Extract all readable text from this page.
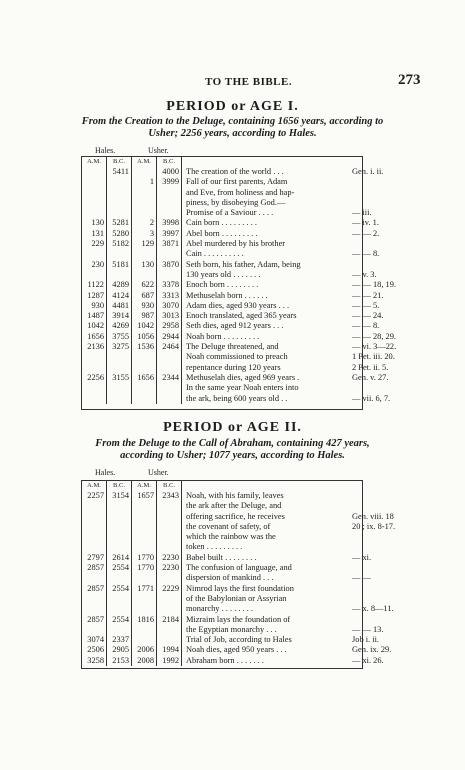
TO THE BIBLE.	273
PERIOD or AGE I.
From the Creation to the Deluge, containing 1656 years, according to
Usher; 2256 years, according to Hales.
Hales.	Usher.
A.M.	B.C.	A.M.	B.C.		
	5411		4000	The creation of the world . . .	Gen. i. ii.
		1	3999	Fall of our first parents, Adam	
				and Eve, from holiness and hap-	
				piness, by disobeying God.—	
				Promise of a Saviour . . . .	— iii.
130	5281	2	3998	Cain born . . . . . . . . .	— iv. 1.
131	5280	3	3997	Abel born . . . . . . . . .	— — 2.
229	5182	129	3871	Abel murdered by his brother	
				Cain . . . . . . . . . .	— — 8.
230	5181	130	3870	Seth born, his father, Adam, being	
				130 years old . . . . . . .	— v. 3.
1122	4289	622	3378	Enoch born . . . . . . . .	— — 18, 19.
1287	4124	687	3313	Methuselah born . . . . . .	— — 21.
930	4481	930	3070	Adam dies, aged 930 years . . .	— — 5.
1487	3914	987	3013	Enoch translated, aged 365 years	— — 24.
1042	4269	1042	2958	Seth dies, aged 912 years . . .	— — 8.
1656	3755	1056	2944	Noah born . . . . . . . . .	— — 28, 29.
2136	3275	1536	2464	The Deluge threatened, and	— vi. 3—22.
				Noah commissioned to preach	1 Pet. iii. 20.
				repentance during 120 years	2 Pet. ii. 5.
2256	3155	1656	2344	Methuselah dies, aged 969 years .	Gen. v. 27.
				In the same year Noah enters into	
				the ark, being 600 years old . .	— vii. 6, 7.
PERIOD or AGE II.
From the Deluge to the Call of Abraham, containing 427 years,
according to Usher; 1077 years, according to Hales.
Hales.	Usher.
A.M.	B.C.	A.M.	B.C.		
2257	3154	1657	2343	Noah, with his family, leaves	
				the ark after the Deluge, and	
				offering sacrifice, he receives	Gen. viii. 18
				the covenant of safety, of	20 ; ix. 8-17.
				which the rainbow was the	
				token . . . . . . . . .	
2797	2614	1770	2230	Babel built . . . . . . . .	— xi.
2857	2554	1770	2230	The confusion of language, and	
				dispersion of mankind . . .	— —
2857	2554	1771	2229	Nimrod lays the first foundation	
				of the Babylonian or Assyrian	
				monarchy . . . . . . . .	— x. 8—11.
2857	2554	1816	2184	Mizraim lays the foundation of	
				the Egyptian monarchy . . .	— — 13.
3074	2337			Trial of Job, according to Hales	Job i. ii.
2506	2905	2006	1994	Noah dies, aged 950 years . . .	Gen. ix. 29.
3258	2153	2008	1992	Abraham born . . . . . . .	— xi. 26.
